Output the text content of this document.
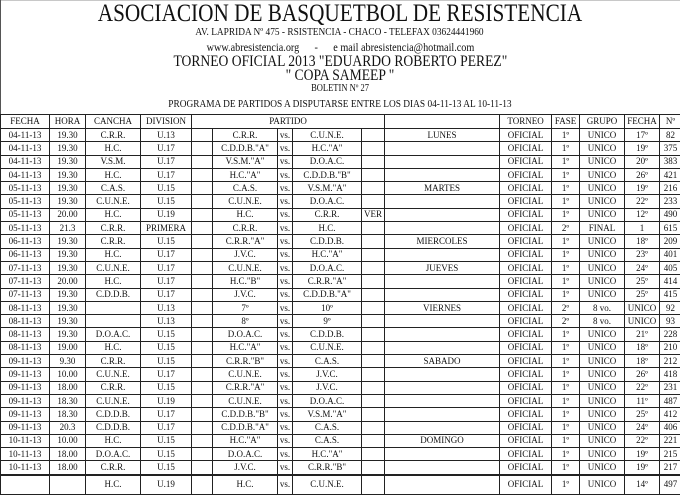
ASOCIACION DE BASQUETBOL DE RESISTENCIA
AV. LAPRIDA Nº 475 - RSISTENCIA - CHACO - TELEFAX 03624441960
www.abresistencia.org - e mail abresistencia@hotmail.com
TORNEO OFICIAL 2013 "EDUARDO ROBERTO PEREZ"
" COPA SAMEEP "
BOLETIN Nº 27
PROGRAMA DE PARTIDOS A DISPUTARSE ENTRE LOS DIAS 04-11-13 AL 10-11-13
FECHA	HORA	CANCHA	DIVISION	PARTIDO						TORNEO	FASE	GRUPO	FECHA	Nº
04-11-13	19.30	C.R.R.	U.13		C.R.R.	vs.	C.U.N.E.		LUNES	OFICIAL	1º	UNICO	17º	82
04-11-13	19.30	H.C.	U.17		C.D.D.B."A"	vs.	H.C."A"			OFICIAL	1º	UNICO	19º	375
04-11-13	19.30	V.S.M.	U.17		V.S.M."A"	vs.	D.O.A.C.			OFICIAL	1º	UNICO	20º	383
04-11-13	19.30	H.C.	U.17		H.C."A"	vs.	C.D.D.B."B"			OFICIAL	1º	UNICO	26º	421
05-11-13	19.30	C.A.S.	U.15		C.A.S.	vs.	V.S.M."A"		MARTES	OFICIAL	1º	UNICO	19º	216
05-11-13	19.30	C.U.N.E.	U.15		C.U.N.E.	vs.	D.O.A.C.			OFICIAL	1º	UNICO	22º	233
05-11-13	20.00	H.C.	U.19		H.C.	vs.	C.R.R.	VER		OFICIAL	1º	UNICO	12º	490
05-11-13	21.3	C.R.R.	PRIMERA		C.R.R.	vs.	H.C.			OFICIAL	2º	FINAL	1	615
06-11-13	19.30	C.R.R.	U.15		C.R.R."A"	vs.	C.D.D.B.		MIERCOLES	OFICIAL	1º	UNICO	18º	209
06-11-13	19.30	H.C.	U.17		J.V.C.	vs.	H.C."A"			OFICIAL	1º	UNICO	23º	401
07-11-13	19.30	C.U.N.E.	U.17		C.U.N.E.	vs.	D.O.A.C.		JUEVES	OFICIAL	1º	UNICO	24º	405
07-11-13	20.00	H.C.	U.17		H.C."B"	vs.	C.R.R."A"			OFICIAL	1º	UNICO	25º	414
07-11-13	19.30	C.D.D.B.	U.17		J.V.C.	vs.	C.D.D.B."A"			OFICIAL	1º	UNICO	25º	415
08-11-13	19.30		U.13		7º	vs.	10º		VIERNES	OFICIAL	2º	8 vo.	UNICO	92
08-11-13	19.30		U.13		8º	vs.	9º			OFICIAL	2º	8 vo.	UNICO	93
08-11-13	19.30	D.O.A.C.	U.15		D.O.A.C.	vs.	C.D.D.B.			OFICIAL	1º	UNICO	21º	228
08-11-13	19.00	H.C.	U.15		H.C."A"	vs.	C.U.N.E.			OFICIAL	1º	UNICO	18º	210
09-11-13	9.30	C.R.R.	U.15		C.R.R."B"	vs.	C.A.S.		SABADO	OFICIAL	1º	UNICO	18º	212
09-11-13	10.00	C.U.N.E.	U.17		C.U.N.E.	vs.	J.V.C.			OFICIAL	1º	UNICO	26º	418
09-11-13	18.00	C.R.R.	U.15		C.R.R."A"	vs.	J.V.C.			OFICIAL	1º	UNICO	22º	231
09-11-13	18.30	C.U.N.E.	U.19		C.U.N.E.	vs.	D.O.A.C.			OFICIAL	1º	UNICO	11º	487
09-11-13	18.30	C.D.D.B.	U.17		C.D.D.B."B"	vs.	V.S.M."A"			OFICIAL	1º	UNICO	25º	412
09-11-13	20.3	C.D.D.B.	U.17		C.D.D.B."A"	vs.	C.A.S.			OFICIAL	1º	UNICO	24º	406
10-11-13	10.00	H.C.	U.15		H.C."A"	vs.	C.A.S.		DOMINGO	OFICIAL	1º	UNICO	22º	221
10-11-13	18.00	D.O.A.C.	U.15		D.O.A.C.	vs.	H.C."A"			OFICIAL	1º	UNICO	19º	215
10-11-13	18.00	C.R.R.	U.15		J.V.C.	vs.	C.R.R."B"			OFICIAL	1º	UNICO	19º	217
		H.C.	U.19		H.C.	vs.	C.U.N.E.			OFICIAL	1º	UNICO	14º	497
